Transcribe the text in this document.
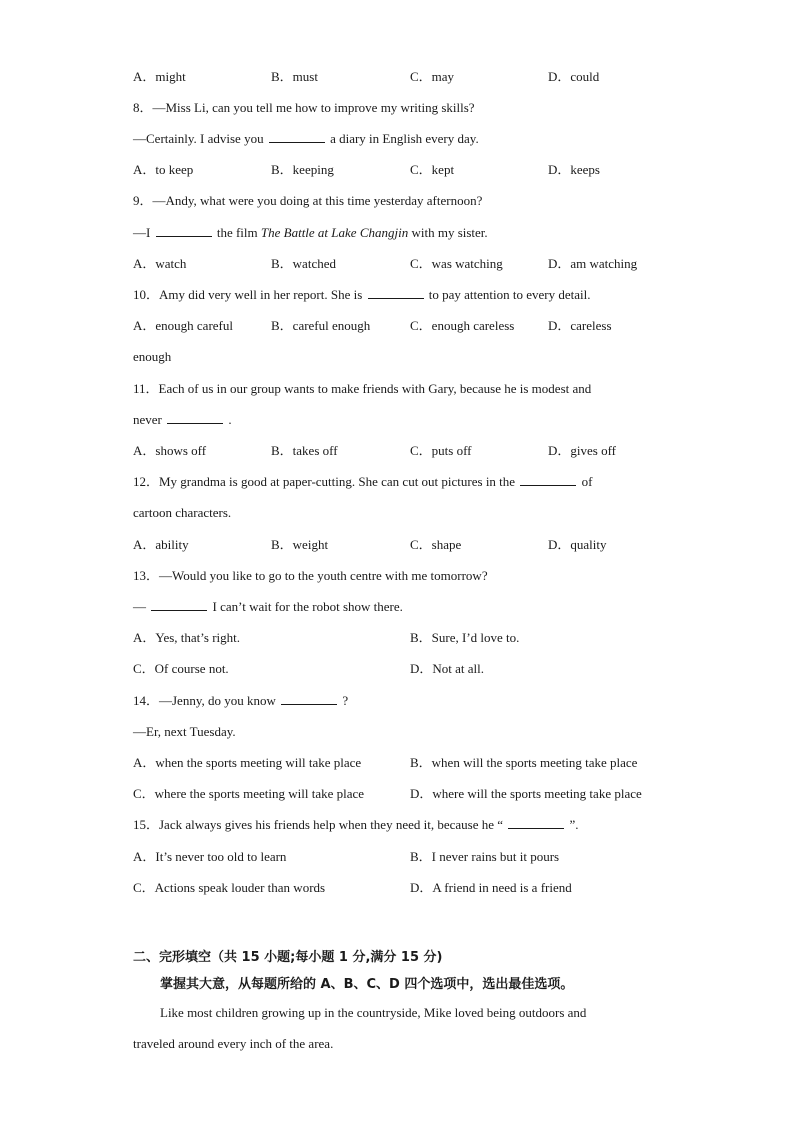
A．might	B．must	C．may	D．could
8．—Miss Li, can you tell me how to improve my writing skills?
—Certainly. I advise you	a diary in English every day.
A．to keep	B．keeping	C．kept	D．keeps
9．—Andy, what were you doing at this time yesterday afternoon?
—I	the film The Battle at Lake Changjin with my sister.
A．watch	B．watched	C．was watching	D．am watching
10．Amy did very well in her report. She is	to pay attention to every detail.
A．enough careful	B．careful enough	C．enough careless	D．careless
enough
11．Each of us in our group wants to make friends with Gary, because he is modest and
never	.
A．shows off	B．takes off	C．puts off	D．gives off
12．My grandma is good at paper-cutting. She can cut out pictures in the	of
cartoon characters.
A．ability	B．weight	C．shape	D．quality
13．—Would you like to go to the youth centre with me tomorrow?
—	I can’t wait for the robot show there.
A．Yes, that’s right.	B．Sure, I’d love to.
C．Of course not.	D．Not at all.
14．—Jenny, do you know	?
—Er, next Tuesday.
A．when the sports meeting will take place	B．when will the sports meeting take place
C．where the sports meeting will take place	D．where will the sports meeting take place
15．Jack always gives his friends help when they need it, because he “	”.
A．It’s never too old to learn	B．I never rains but it pours
C．Actions speak louder than words	D．A friend in need is a friend
二、完形填空（共 15 小题;每小题 1 分,满分 15 分)
掌握其大意，从每题所给的 A、B、C、D 四个选项中，选出最佳选项。
Like most children growing up in the countryside, Mike loved being outdoors and
traveled around every inch of the area.
